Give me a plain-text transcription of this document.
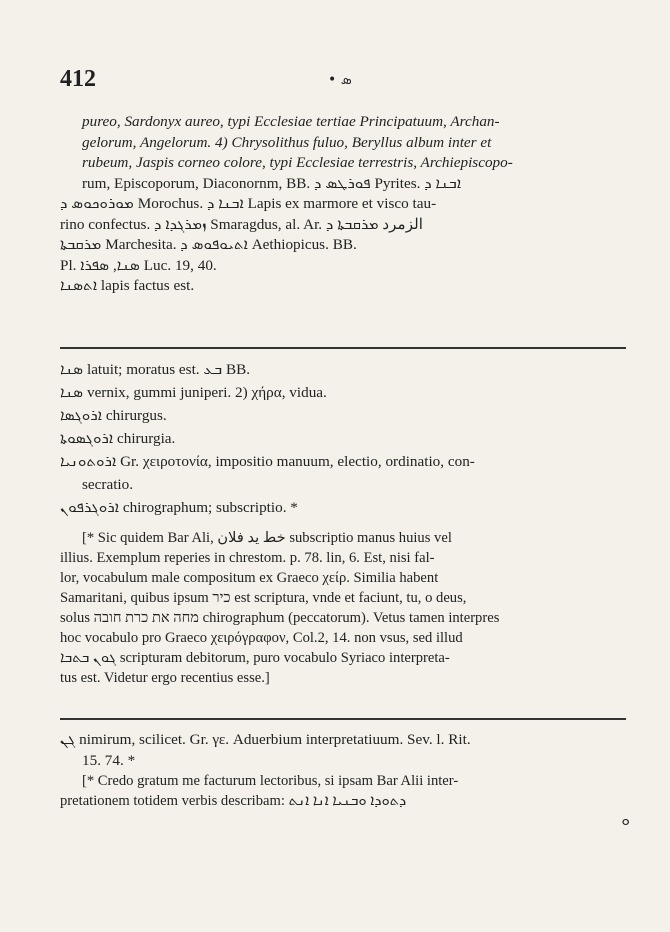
412	• ܣ
pureo, Sardonyx aureo, typi Ecclesiae tertiae Principatuum, Archan-
gelorum, Angelorum. 4) Chrysolithus fuluo, Beryllus album inter et
rubeum, Jaspis corneo colore, typi Ecclesiae terrestris, Archiepiscopo-
rum, Episcoporum, Diaconornm, BB. ܦܘܪܛܣ ܕ Pyrites. ܐܒܢܐ ܕ
ܡܘܪܘܟܘܣ ܕ Morochus. ܐܒܢܐ ܕ Lapis ex marmore et visco tau-
rino confectus. ܙܡܪܓܕܐ ܕ Smaragdus, al. Ar. الزمرد ܡܪܩܒܬܐ ܕ
ܡܪܩܒܬܐ Marchesita. ܐܬܝܘܦܘܣ ܕ Aethiopicus. BB.
Pl. ܣܢܐ, ܣܦܪܐ Luc. 19, 40.
ܐܬܣܢܐ lapis factus est.
ܣܢܐ latuit; moratus est. ܒܥ BB.
ܣܢܐ vernix, gummi juniperi. 2) χήρα, vidua.
ܐܪܘܓܣܐ chirurgus.
ܐܪܘܓܣܘܬܐ chirurgia.
ܐܪܘܬܘܢܝܐ Gr. χειροτονία, impositio manuum, electio, ordinatio, con-
secratio.
ܐܪܘܓܪܦܘܢ chirographum; subscriptio. *
[* Sic quidem Bar Ali, خط يد فلان subscriptio manus huius vel
illius. Exemplum reperies in chrestom. p. 78. lin, 6. Est, nisi fal-
lor, vocabulum male compositum ex Graeco χείρ. Similia habent
Samaritani, quibus ipsum כיר est scriptura, vnde et faciunt, tu, o deus,
solus מחה את כרת חובה chirographum (peccatorum). Vetus tamen interpres
hoc vocabulo pro Graeco χειρόγραφον, Col.2, 14. non vsus, sed illud
ܓܘܢ ܒܬܒܐ scripturam debitorum, puro vocabulo Syriaco interpreta-
tus est. Videtur ergo recentius esse.]
ܓܢ nimirum, scilicet. Gr. γε. Aduerbium interpretatiuum. Sev. l. Rit.
15. 74. *
[* Credo gratum me facturum lectoribus, si ipsam Bar Alii inter-
pretationem totidem verbis describam: ܕܬܘܕܐ ܘܒܢܝܐ ܐܢܐ ܐܢܬ
ܘ
